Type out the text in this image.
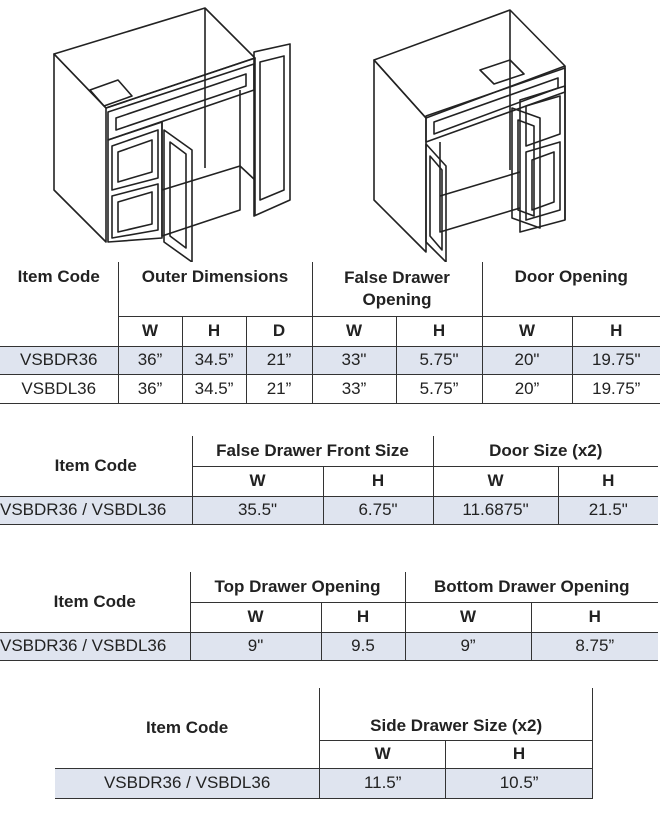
Item Code	Outer Dimensions			False Drawer Opening		Door Opening	
	W	H	D	W	H	W	H
VSBDR36	36”	34.5”	21”	33"	5.75"	20"	19.75"
VSBDL36	36”	34.5”	21”	33”	5.75”	20”	19.75”
Item Code	False Drawer Front Size		Door Size (x2)	
	W	H	W	H
VSBDR36 / VSBDL36	35.5"	6.75"	11.6875"	21.5"
Item Code	Top Drawer Opening		Bottom Drawer Opening	
	W	H	W	H
VSBDR36 / VSBDL36	9"	9.5	9”	8.75”
Item Code	Side Drawer Size (x2)	
	W	H
VSBDR36 / VSBDL36	11.5”	10.5”
